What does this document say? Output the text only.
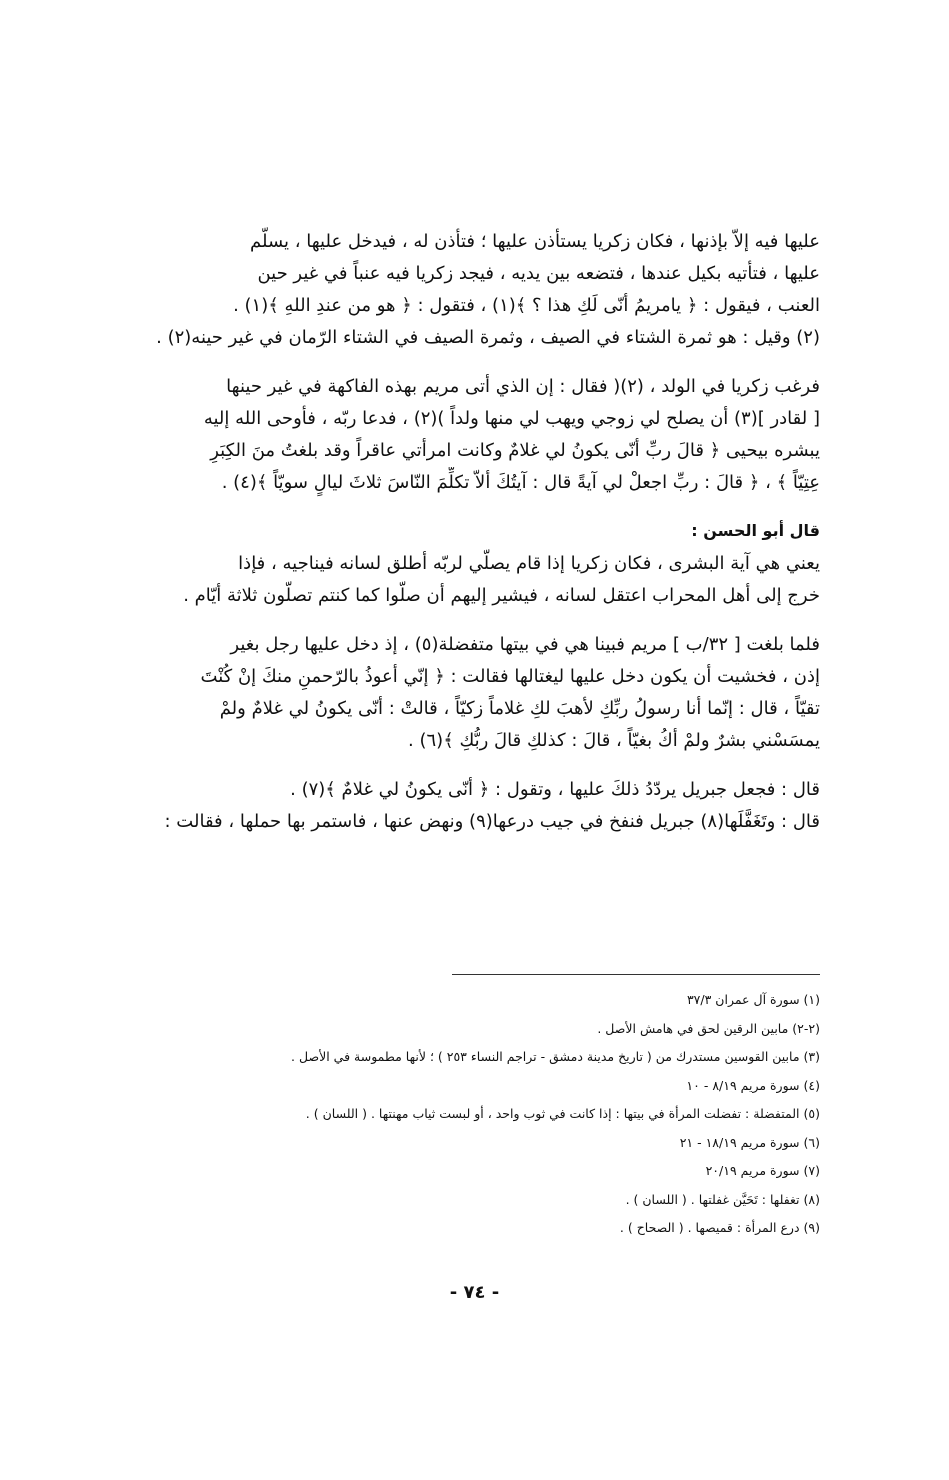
عليها فيه إلاّ بإذنها ، فكان زكريا يستأذن عليها ؛ فتأذن له ، فيدخل عليها ، يسلّم
عليها ، فتأتيه بكيل عندها ، فتضعه بين يديه ، فيجد زكريا فيه عنباً في غير حين
العنب ، فيقول : ﴿ يامريمُ أنّى لَكِ هذا ؟ ﴾(١) ، فتقول : ﴿ هو من عندِ اللهِ ﴾(١) .
(٢) وقيل : هو ثمرة الشتاء في الصيف ، وثمرة الصيف في الشتاء الرّمان في غير حينه(٢) .
فرغب زكريا في الولد ، (٢)( فقال : إن الذي أتى مريم بهذه الفاكهة في غير حينها
[ لقادر ](٣) أن يصلح لي زوجي ويهب لي منها ولداً )(٢) ، فدعا ربّه ، فأوحى الله إليه
يبشره بيحيى ﴿ قالَ ربِّ أنّى يكونُ لي غلامٌ وكانت امرأتي عاقراً وقد بلغتُ منَ الكِبَرِ
عِتِيّاً ﴾ ، ﴿ قالَ : ربِّ اجعلْ لي آيةً قال : آيتُكَ ألاّ تكلِّمَ النّاسَ ثلاثَ ليالٍ سويّاً ﴾(٤) .
قال أبو الحسن :
يعني هي آية البشرى ، فكان زكريا إذا قام يصلّي لربّه أطلق لسانه فيناجيه ، فإذا
خرج إلى أهل المحراب اعتقل لسانه ، فيشير إليهم أن صلّوا كما كنتم تصلّون ثلاثة أيّام .
فلما بلغت [ ٣٢/ب ] مريم فبينا هي في بيتها متفضلة(٥) ، إذ دخل عليها رجل بغير
إذن ، فخشيت أن يكون دخل عليها ليغتالها فقالت : ﴿ إنّي أعوذُ بالرّحمنِ منكَ إنْ كُنْتَ
تقيّاً ، قال : إنّما أنا رسولُ ربِّكِ لأهبَ لكِ غلاماً زكيّاً ، قالتْ : أنّى يكونُ لي غلامٌ ولمْ
يمسَسْني بشرٌ ولمْ أكُ بغيّاً ، قالَ : كذلكِ قالَ ربُّكِ ﴾(٦) .
قال : فجعل جبريل يردّدُ ذلكَ عليها ، وتقول : ﴿ أنّى يكونُ لي غلامٌ ﴾(٧) .
قال : وتَغَفَّلَها(٨) جبريل فنفخ في جيب درعها(٩) ونهض عنها ، فاستمر بها حملها ، فقالت :
(١) سورة آل عمران ٣٧/٣
(٢-٢) مابين الرقين لحق في هامش الأصل .
(٣) مابين القوسين مستدرك من ( تاريخ مدينة دمشق - تراجم النساء ٢٥٣ ) ؛ لأنها مطموسة في الأصل .
(٤) سورة مريم ٨/١٩ - ١٠
(٥) المتفضلة : تفضلت المرأة في بيتها : إذا كانت في ثوب واحد ، أو لبست ثياب مهنتها . ( اللسان ) .
(٦) سورة مريم ١٨/١٩ - ٢١
(٧) سورة مريم ٢٠/١٩
(٨) تغفلها : تَحَيَّن غفلتها . ( اللسان ) .
(٩) درع المرأة : قميصها . ( الصحاح ) .
- ٧٤ -
